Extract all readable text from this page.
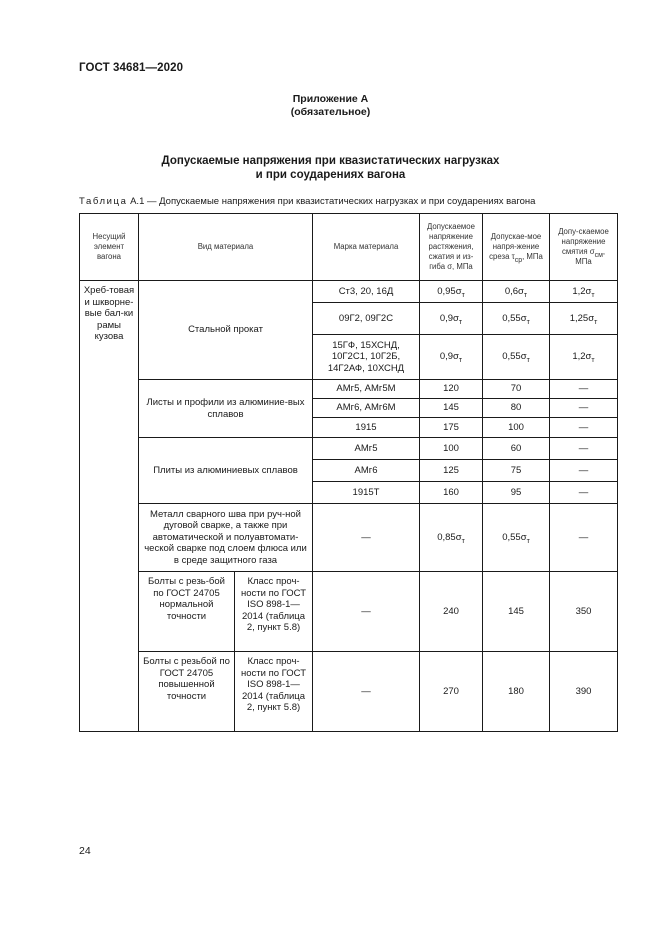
ГОСТ 34681—2020
Приложение А
(обязательное)
Допускаемые напряжения при квазистатических нагрузках
и при соударениях вагона
Таблица А.1 — Допускаемые напряжения при квазистатических нагрузках и при соударениях вагона
Несущий элемент вагона	Вид материала		Марка материала	Допускаемое напряжение растяжения, сжатия и из-гиба σ, МПа	Допускае-мое напря-жение среза $\tau_{ср}$, МПа	Допу-скаемое напряжение смятия $\sigma_{см}$, МПа
Хреб-товая и шкворне-вые бал-ки рамы кузова	Стальной прокат		Ст3, 20, 16Д	$0,95\sigma_т$	$0,6\sigma_т$	$1,2\sigma_т$

			09Г2, 09Г2С	$0,9\sigma_т$	$0,55\sigma_т$	$1,25\sigma_т$
			15ГФ, 15ХСНД, 10Г2С1, 10Г2Б, 14Г2АФ, 10ХСНД	$0,9\sigma_т$	$0,55\sigma_т$	$1,2\sigma_т$
	Листы и профили из алюминие-вых сплавов		АМг5, АМг5М	120	70	—
			АМг6, АМг6М	145	80	—
			1915	175	100	—
	Плиты из алюминиевых сплавов		АМг5	100	60	—
			АМг6	125	75	—
			1915Т	160	95	—
	Металл сварного шва при руч-ной дуговой сварке, а также при автоматической и полуавтомати-ческой сварке под слоем флюса или в среде защитного газа		—	$0,85\sigma_т$	$0,55\sigma_т$	—
	Болты с резь-бой по ГОСТ 24705 нормальной точности	Класс проч-ности по ГОСТ ISO 898-1—2014 (таблица 2, пункт 5.8)	—	240	145	350
	Болты с резьбой по ГОСТ 24705 повышенной точности	Класс проч-ности по ГОСТ ISO 898-1—2014 (таблица 2, пункт 5.8)	—	270	180	390
24
